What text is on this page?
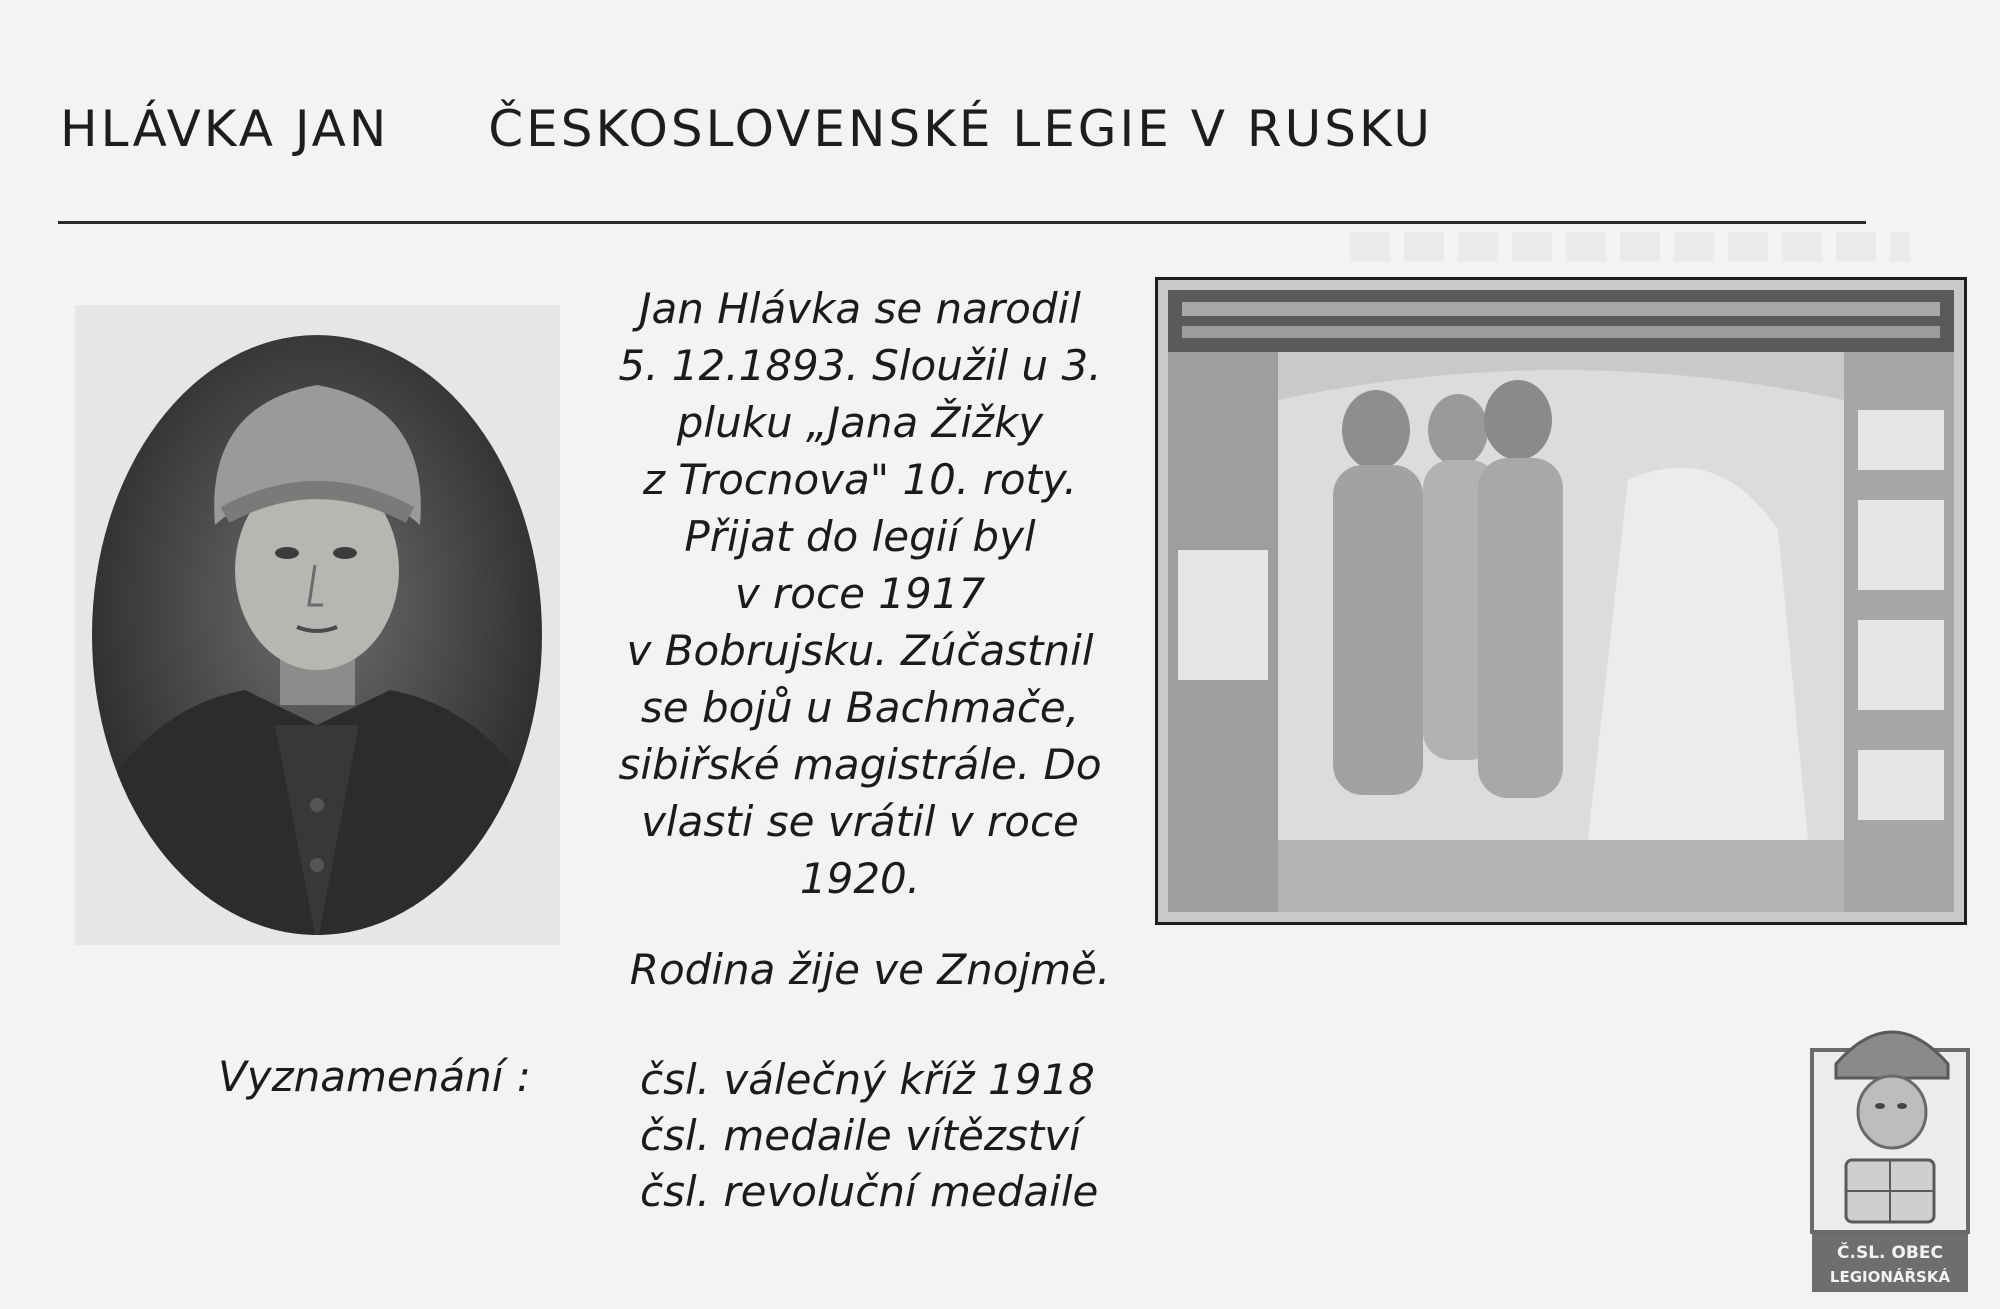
HLÁVKA JAN ČESKOSLOVENSKÉ LEGIE V RUSKU

Jan Hlávka se narodil

5. 12.1893. Sloužil u 3.

pluku „Jana Žižky

z Trocnova" 10. roty.

Přijat do legií byl

v roce 1917

v Bobrujsku. Zúčastnil

se bojů u Bachmače,

sibiřské magistrále. Do

vlasti se vrátil v roce

1920.

Rodina žije ve Znojmě.
Vyznamenání :	čsl. válečný kříž 1918
čsl. medaile vítězství
čsl. revoluční medaile
Č.SL. OBEC
LEGIONÁŘSKÁ
